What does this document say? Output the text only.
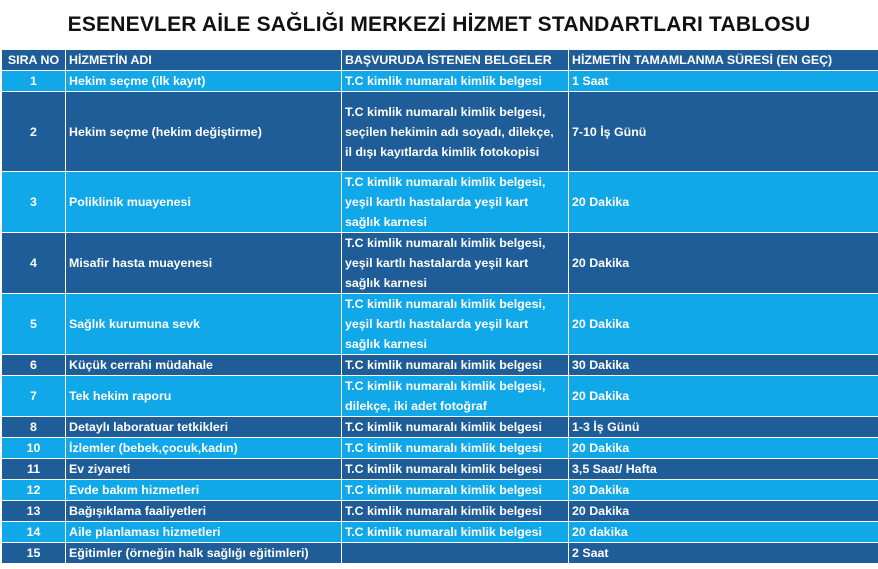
ESENEVLER AİLE SAĞLIĞI MERKEZİ HİZMET STANDARTLARI TABLOSU
SIRA NO	HİZMETİN ADI	BAŞVURUDA İSTENEN BELGELER	HİZMETİN TAMAMLANMA SÜRESİ (EN GEÇ)
1	Hekim seçme (ilk kayıt)	T.C kimlik numaralı kimlik belgesi	1 Saat
2	Hekim seçme (hekim değiştirme)	T.C kimlik numaralı kimlik belgesi,
seçilen hekimin adı soyadı, dilekçe,
il dışı kayıtlarda kimlik fotokopisi	7-10 İş Günü
3	Poliklinik muayenesi	T.C kimlik numaralı kimlik belgesi,
yeşil kartlı hastalarda yeşil kart
sağlık karnesi	20 Dakika
4	Misafir hasta muayenesi	T.C kimlik numaralı kimlik belgesi,
yeşil kartlı hastalarda yeşil kart
sağlık karnesi	20 Dakika
5	Sağlık kurumuna sevk	T.C kimlik numaralı kimlik belgesi,
yeşil kartlı hastalarda yeşil kart
sağlık karnesi	20 Dakika
6	Küçük cerrahi müdahale	T.C kimlik numaralı kimlik belgesi	30 Dakika
7	Tek hekim raporu	T.C kimlik numaralı kimlik belgesi,
dilekçe, iki adet fotoğraf	20 Dakika
8	Detaylı laboratuar tetkikleri	T.C kimlik numaralı kimlik belgesi	1-3 İş Günü
10	İzlemler (bebek,çocuk,kadın)	T.C kimlik numaralı kimlik belgesi	20 Dakika
11	Ev ziyareti	T.C kimlik numaralı kimlik belgesi	3,5 Saat/ Hafta
12	Evde bakım hizmetleri	T.C kimlik numaralı kimlik belgesi	30 Dakika
13	Bağışıklama faaliyetleri	T.C kimlik numaralı kimlik belgesi	20 Dakika
14	Aile planlaması hizmetleri	T.C kimlik numaralı kimlik belgesi	20 dakika
15	Eğitimler (örneğin halk sağlığı eğitimleri)		2 Saat
